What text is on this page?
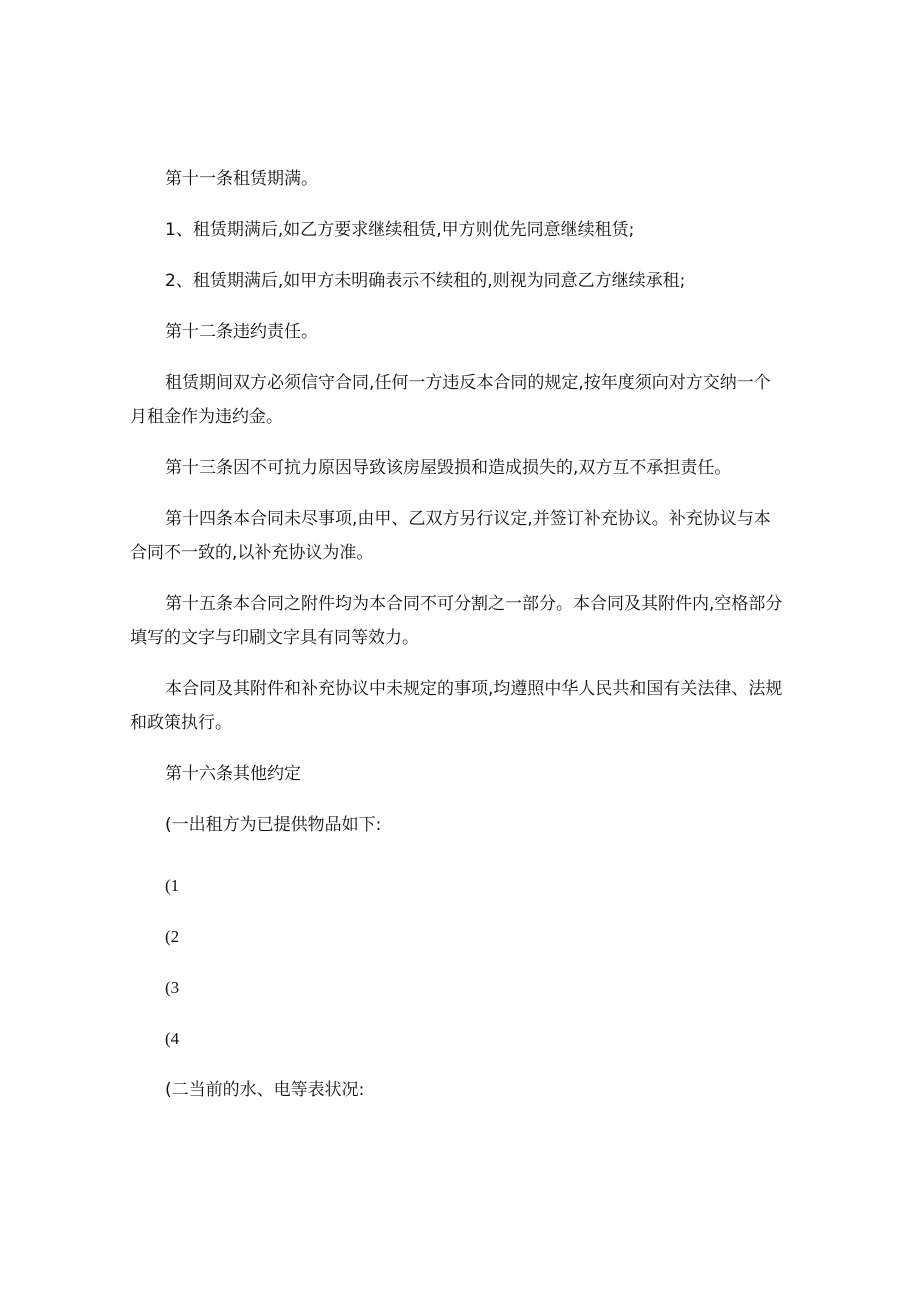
第十一条租赁期满。

1、租赁期满后,如乙方要求继续租赁,甲方则优先同意继续租赁;

2、租赁期满后,如甲方未明确表示不续租的,则视为同意乙方继续承租;

第十二条违约责任。

租赁期间双方必须信守合同,任何一方违反本合同的规定,按年度须向对方交纳一个月租金作为违约金。

第十三条因不可抗力原因导致该房屋毁损和造成损失的,双方互不承担责任。

第十四条本合同未尽事项,由甲、乙双方另行议定,并签订补充协议。补充协议与本合同不一致的,以补充协议为准。

第十五条本合同之附件均为本合同不可分割之一部分。本合同及其附件内,空格部分填写的文字与印刷文字具有同等效力。

本合同及其附件和补充协议中未规定的事项,均遵照中华人民共和国有关法律、法规和政策执行。

第十六条其他约定

(一出租方为已提供物品如下:

(1

(2

(3

(4

(二当前的水、电等表状况:
